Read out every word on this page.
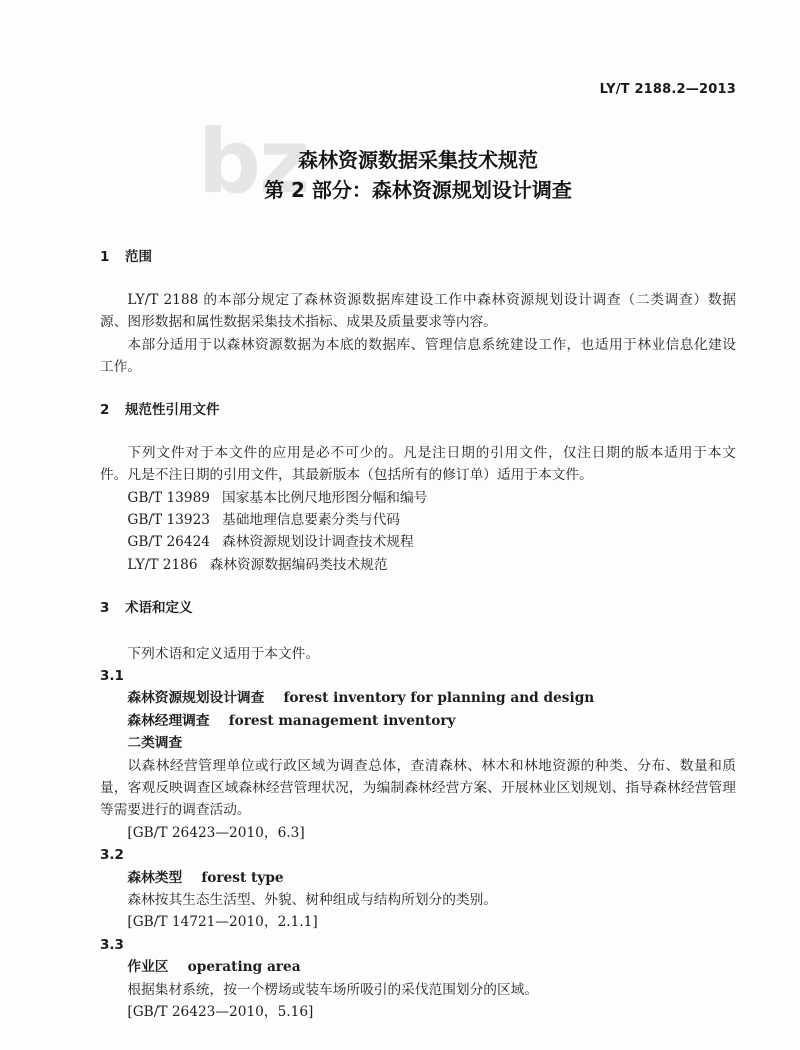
LY/T 2188.2—2013
bz
森林资源数据采集技术规范
第 2 部分：森林资源规划设计调查
1 范围
LY/T 2188 的本部分规定了森林资源数据库建设工作中森林资源规划设计调查（二类调查）数据
源、图形数据和属性数据采集技术指标、成果及质量要求等内容。
本部分适用于以森林资源数据为本底的数据库、管理信息系统建设工作，也适用于林业信息化建设
工作。
2 规范性引用文件
下列文件对于本文件的应用是必不可少的。凡是注日期的引用文件，仅注日期的版本适用于本文
件。凡是不注日期的引用文件，其最新版本（包括所有的修订单）适用于本文件。
GB/T 13989 国家基本比例尺地形图分幅和编号
GB/T 13923 基础地理信息要素分类与代码
GB/T 26424 森林资源规划设计调查技术规程
LY/T 2186 森林资源数据编码类技术规范
3 术语和定义
下列术语和定义适用于本文件。
3.1
森林资源规划设计调查 forest inventory for planning and design
森林经理调查 forest management inventory
二类调查
以森林经营管理单位或行政区域为调查总体，查清森林、林木和林地资源的种类、分布、数量和质
量，客观反映调查区域森林经营管理状况，为编制森林经营方案、开展林业区划规划、指导森林经营管理
等需要进行的调查活动。
[GB/T 26423—2010，6.3]
3.2
森林类型 forest type
森林按其生态生活型、外貌、树种组成与结构所划分的类别。
[GB/T 14721—2010，2.1.1]
3.3
作业区 operating area
根据集材系统，按一个楞场或装车场所吸引的采伐范围划分的区域。
[GB/T 26423—2010，5.16]
